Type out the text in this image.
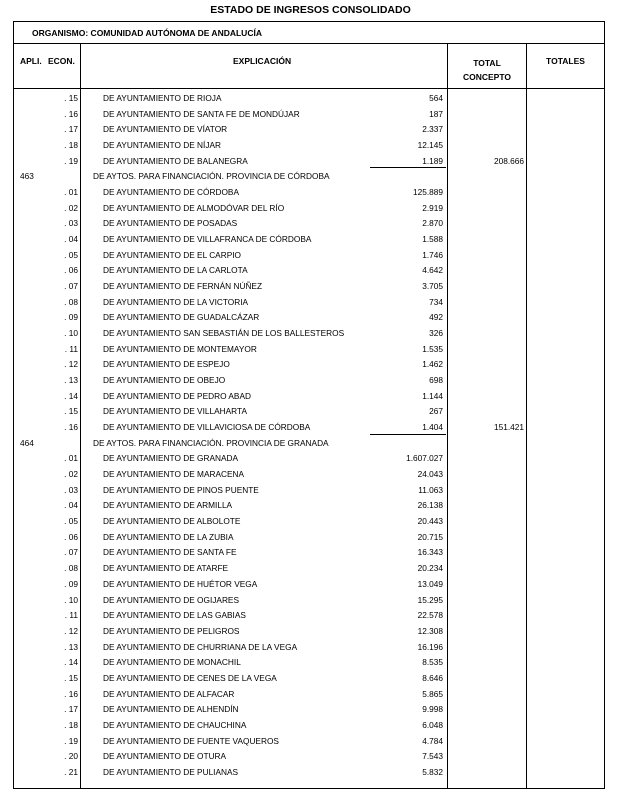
ESTADO DE INGRESOS CONSOLIDADO
ORGANISMO: COMUNIDAD AUTÓNOMA DE ANDALUCÍA
APLI. ECON.	EXPLICACIÓN	TOTAL
CONCEPTO
TOTALES
. 15	DE AYUNTAMIENTO DE RIOJA	564
. 16	DE AYUNTAMIENTO DE SANTA FE DE MONDÚJAR	187
. 17	DE AYUNTAMIENTO DE VÍATOR	2.337
. 18	DE AYUNTAMIENTO DE NÍJAR	12.145
. 19	DE AYUNTAMIENTO DE BALANEGRA	1.189	208.666
463	DE AYTOS. PARA FINANCIACIÓN. PROVINCIA DE CÓRDOBA
. 01	DE AYUNTAMIENTO DE CÓRDOBA	125.889
. 02	DE AYUNTAMIENTO DE ALMODÓVAR DEL RÍO	2.919
. 03	DE AYUNTAMIENTO DE POSADAS	2.870
. 04	DE AYUNTAMIENTO DE VILLAFRANCA DE CÓRDOBA	1.588
. 05	DE AYUNTAMIENTO DE EL CARPIO	1.746
. 06	DE AYUNTAMIENTO DE LA CARLOTA	4.642
. 07	DE AYUNTAMIENTO DE FERNÁN NÚÑEZ	3.705
. 08	DE AYUNTAMIENTO DE LA VICTORIA	734
. 09	DE AYUNTAMIENTO DE GUADALCÁZAR	492
. 10	DE AYUNTAMIENTO SAN SEBASTIÁN DE LOS BALLESTEROS	326
. 11	DE AYUNTAMIENTO DE MONTEMAYOR	1.535
. 12	DE AYUNTAMIENTO DE ESPEJO	1.462
. 13	DE AYUNTAMIENTO DE OBEJO	698
. 14	DE AYUNTAMIENTO DE PEDRO ABAD	1.144
. 15	DE AYUNTAMIENTO DE VILLAHARTA	267
. 16	DE AYUNTAMIENTO DE VILLAVICIOSA DE CÓRDOBA	1.404	151.421
464	DE AYTOS. PARA FINANCIACIÓN. PROVINCIA DE GRANADA
. 01	DE AYUNTAMIENTO DE GRANADA	1.607.027
. 02	DE AYUNTAMIENTO DE MARACENA	24.043
. 03	DE AYUNTAMIENTO DE PINOS PUENTE	11.063
. 04	DE AYUNTAMIENTO DE ARMILLA	26.138
. 05	DE AYUNTAMIENTO DE ALBOLOTE	20.443
. 06	DE AYUNTAMIENTO DE LA ZUBIA	20.715
. 07	DE AYUNTAMIENTO DE SANTA FE	16.343
. 08	DE AYUNTAMIENTO DE ATARFE	20.234
. 09	DE AYUNTAMIENTO DE HUÉTOR VEGA	13.049
. 10	DE AYUNTAMIENTO DE OGIJARES	15.295
. 11	DE AYUNTAMIENTO DE LAS GABIAS	22.578
. 12	DE AYUNTAMIENTO DE PELIGROS	12.308
. 13	DE AYUNTAMIENTO DE CHURRIANA DE LA VEGA	16.196
. 14	DE AYUNTAMIENTO DE MONACHIL	8.535
. 15	DE AYUNTAMIENTO DE CENES DE LA VEGA	8.646
. 16	DE AYUNTAMIENTO DE ALFACAR	5.865
. 17	DE AYUNTAMIENTO DE ALHENDÍN	9.998
. 18	DE AYUNTAMIENTO DE CHAUCHINA	6.048
. 19	DE AYUNTAMIENTO DE FUENTE VAQUEROS	4.784
. 20	DE AYUNTAMIENTO DE OTURA	7.543
. 21	DE AYUNTAMIENTO DE PULIANAS	5.832
